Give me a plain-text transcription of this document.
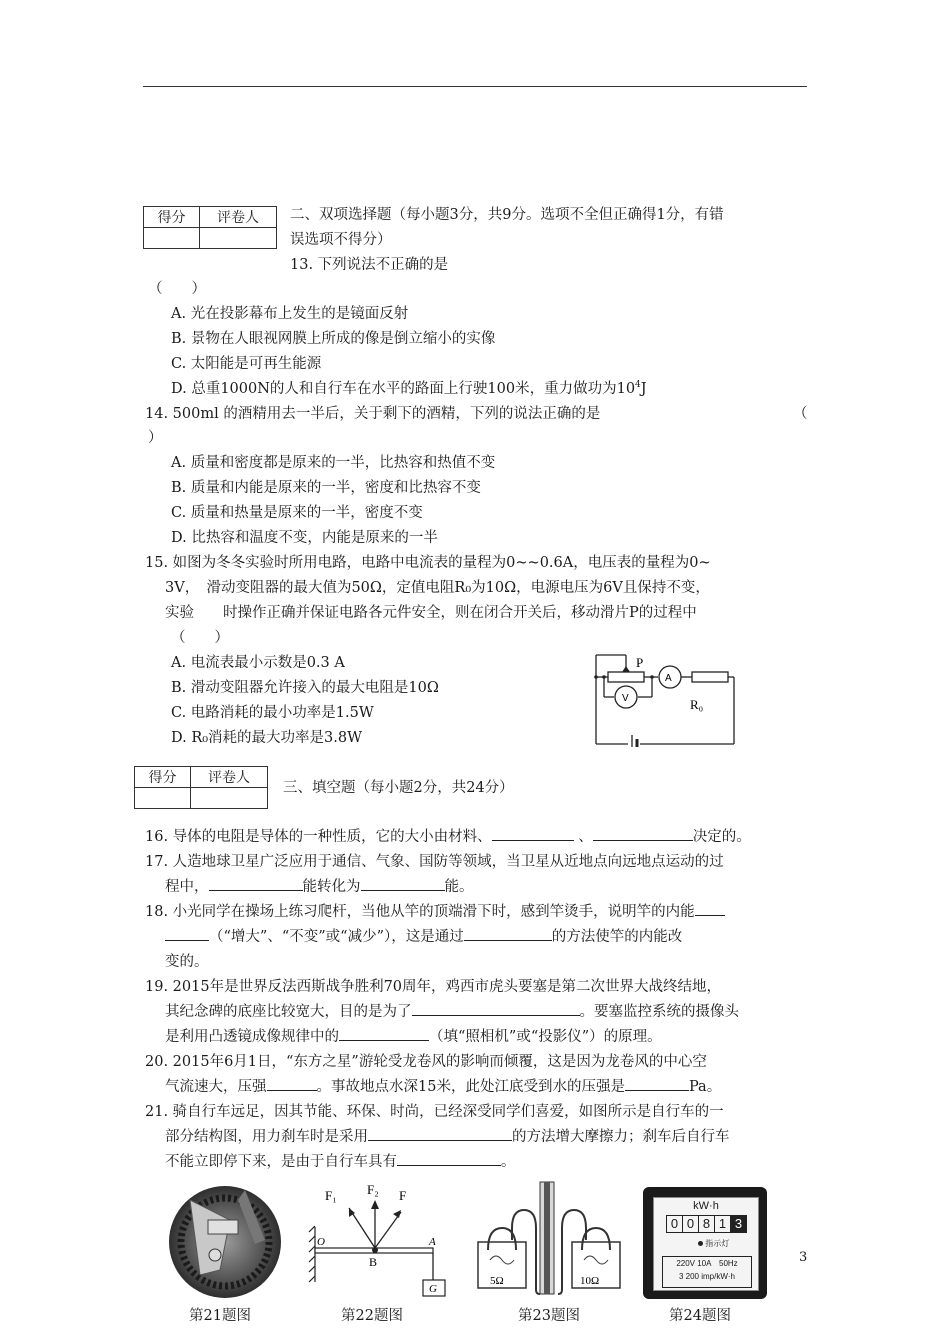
得分	评卷人
	二、双项选择题（每小题3分，共9分。选项不全但正确得1分，有错
误选项不得分）
13. 下列说法不正确的是
（　　）
A. 光在投影幕布上发生的是镜面反射
B. 景物在人眼视网膜上所成的像是倒立缩小的实像
C. 太阳能是可再生能源
D. 总重1000N的人和自行车在水平的路面上行驶100米，重力做功为$10^4J$
14. 500ml 的酒精用去一半后，关于剩下的酒精，下列的说法正确的是	（
）
A. 质量和密度都是原来的一半，比热容和热值不变
B. 质量和内能是原来的一半，密度和比热容不变
C. 质量和热量是原来的一半，密度不变
D. 比热容和温度不变，内能是原来的一半
15. 如图为冬冬实验时所用电路，电路中电流表的量程为0~~0.6A，电压表的量程为0~
3V，　滑动变阻器的最大值为50Ω，定值电阻R₀为10Ω，电源电压为6V且保持不变，
实验　　时操作正确并保证电路各元件安全，则在闭合开关后，移动滑片P的过程中
（　　）
A. 电流表最小示数是0.3 A
B. 滑动变阻器允许接入的最大电阻是10Ω
C. 电路消耗的最小功率是1.5W
D. R₀消耗的最大功率是3.8W
P
A
V	R₀
得分	评卷人

三、填空题（每小题2分，共24分）
16. 导体的电阻是导体的一种性质，它的大小由材料、	、	决定的。
17. 人造地球卫星广泛应用于通信、气象、国防等领域，当卫星从近地点向远地点运动的过
程中，	能转化为	能。
18. 小光同学在操场上练习爬杆，当他从竿的顶端滑下时，感到竿烫手，说明竿的内能
（“增大”、“不变”或“减少”），这是通过	的方法使竿的内能改
变的。
19. 2015年是世界反法西斯战争胜利70周年，鸡西市虎头要塞是第二次世界大战终结地，
其纪念碑的底座比较宽大，目的是为了	。要塞监控系统的摄像头
是利用凸透镜成像规律中的	（填“照相机”或“投影仪”）的原理。
20. 2015年6月1日，“东方之星”游轮受龙卷风的影响而倾覆，这是因为龙卷风的中心空
气流速大，压强	。事故地点水深15米，此处江底受到水的压强是	Pa。
21. 骑自行车远足，因其节能、环保、时尚，已经深受同学们喜爱，如图所示是自行车的一
部分结构图，用力刹车时是采用	的方法增大摩擦力；刹车后自行车
不能立即停下来，是由于自行车具有	。
第21题图
F₁ F₂ F
O	A
B
G
第22题图
5Ω	10Ω
第23题图
kW·h
0 0 8 1 3
指示灯
220V 10A　50Hz
3 200 imp/kW·h
第24题图
3
